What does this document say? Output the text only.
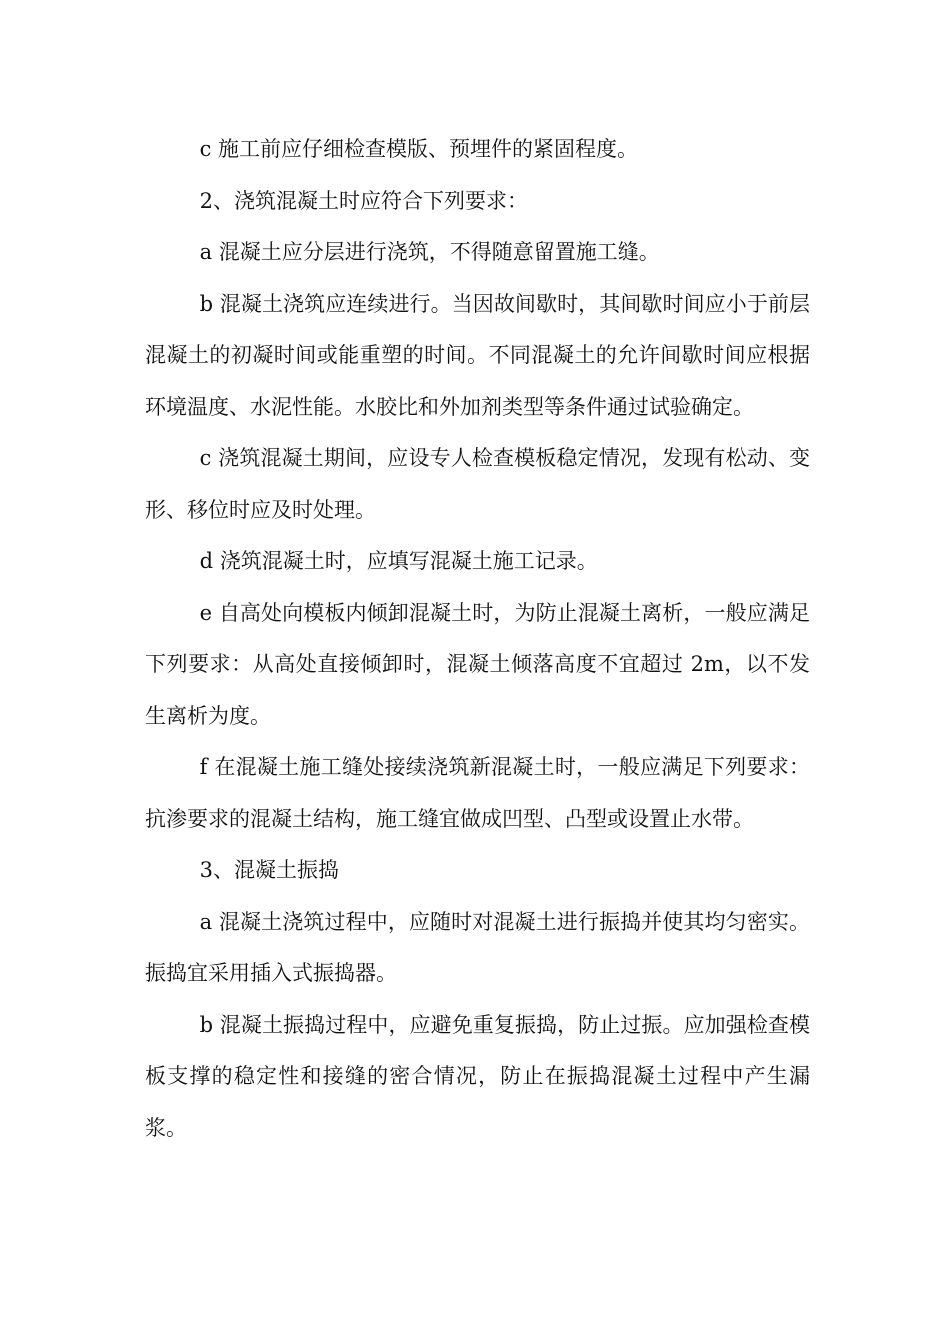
c 施工前应仔细检查模版、预埋件的紧固程度。

2、浇筑混凝土时应符合下列要求：

a 混凝土应分层进行浇筑，不得随意留置施工缝。

b 混凝土浇筑应连续进行。当因故间歇时，其间歇时间应小于前层混凝土的初凝时间或能重塑的时间。不同混凝土的允许间歇时间应根据环境温度、水泥性能。水胶比和外加剂类型等条件通过试验确定。

c 浇筑混凝土期间，应设专人检查模板稳定情况，发现有松动、变形、移位时应及时处理。

d 浇筑混凝土时，应填写混凝土施工记录。

e 自高处向模板内倾卸混凝土时，为防止混凝土离析，一般应满足下列要求：从高处直接倾卸时，混凝土倾落高度不宜超过 2m，以不发生离析为度。

f 在混凝土施工缝处接续浇筑新混凝土时，一般应满足下列要求：抗渗要求的混凝土结构，施工缝宜做成凹型、凸型或设置止水带。

3、混凝土振捣

a 混凝土浇筑过程中，应随时对混凝土进行振捣并使其均匀密实。振捣宜采用插入式振捣器。

b 混凝土振捣过程中，应避免重复振捣，防止过振。应加强检查模板支撑的稳定性和接缝的密合情况，防止在振捣混凝土过程中产生漏浆。
